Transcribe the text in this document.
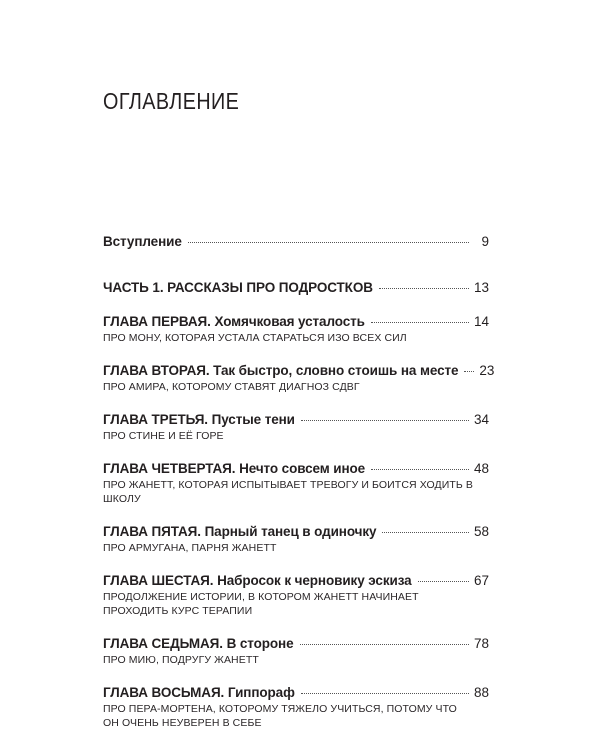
ОГЛАВЛЕНИЕ
Вступление	9
ЧАСТЬ 1. РАССКАЗЫ ПРО ПОДРОСТКОВ	13
ГЛАВА ПЕРВАЯ. Хомячковая усталость	14
ПРО МОНУ, КОТОРАЯ УСТАЛА СТАРАТЬСЯ ИЗО ВСЕХ СИЛ
ГЛАВА ВТОРАЯ. Так быстро, словно стоишь на месте 23
ПРО АМИРА, КОТОРОМУ СТАВЯТ ДИАГНОЗ СДВГ
ГЛАВА ТРЕТЬЯ. Пустые тени	34
ПРО СТИНЕ И ЕЁ ГОРЕ
ГЛАВА ЧЕТВЕРТАЯ. Нечто совсем иное	48
ПРО ЖАНЕТТ, КОТОРАЯ ИСПЫТЫВАЕТ ТРЕВОГУ И БОИТСЯ ХОДИТЬ В ШКОЛУ
ГЛАВА ПЯТАЯ. Парный танец в одиночку	58
ПРО АРМУГАНА, ПАРНЯ ЖАНЕТТ
ГЛАВА ШЕСТАЯ. Набросок к черновику эскиза	67
ПРОДОЛЖЕНИЕ ИСТОРИИ, В КОТОРОМ ЖАНЕТТ НАЧИНАЕТ ПРОХОДИТЬ КУРС ТЕРАПИИ
ГЛАВА СЕДЬМАЯ. В стороне	78
ПРО МИЮ, ПОДРУГУ ЖАНЕТТ
ГЛАВА ВОСЬМАЯ. Гиппораф	88
ПРО ПЕРА-МОРТЕНА, КОТОРОМУ ТЯЖЕЛО УЧИТЬСЯ, ПОТОМУ ЧТО ОН ОЧЕНЬ НЕУВЕРЕН В СЕБЕ
